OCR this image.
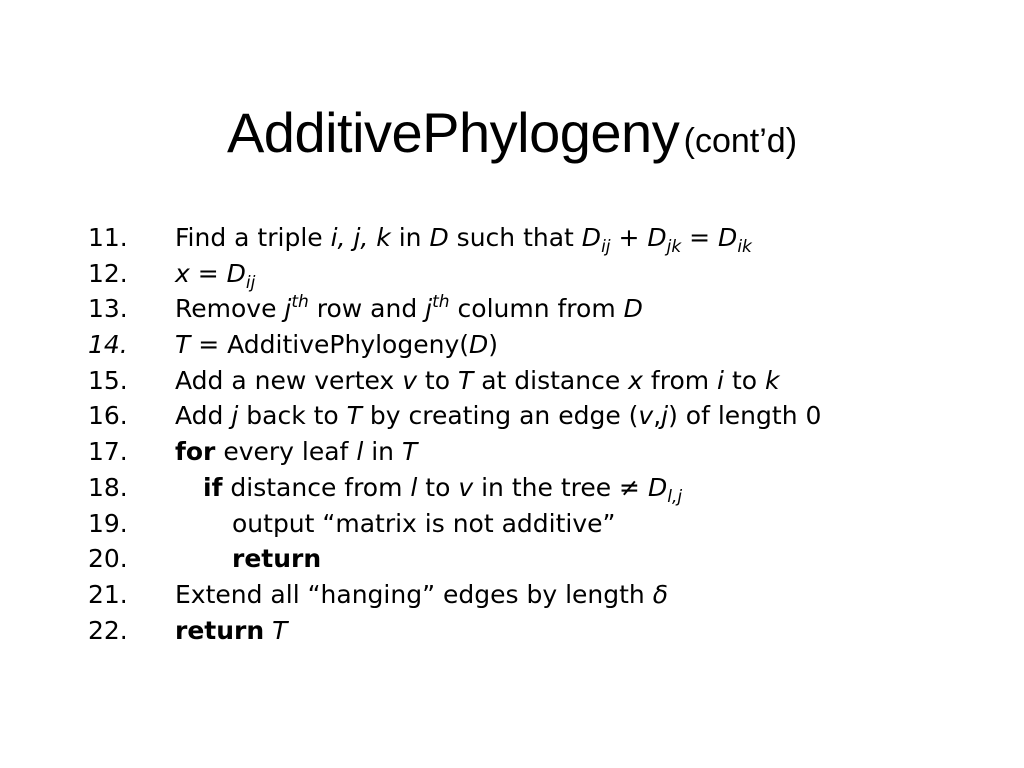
AdditivePhylogeny (cont’d)
11. Find a triple i, j, k in D such that $D_{ij} + D_{jk} = D_{ik}$
12. $x = D_{ij}$
13. Remove $j^{th}$ row and $j^{th}$ column from D
14. T = AdditivePhylogeny(D)
15. Add a new vertex v to T at distance x from i to k
16. Add j back to T by creating an edge (v,j) of length 0
17. for every leaf l in T
18.	if distance from l to v in the tree ≠ $D_{l,j}$
19.	output “matrix is not additive”
20.	return
21. Extend all “hanging” edges by length δ
22. return T
